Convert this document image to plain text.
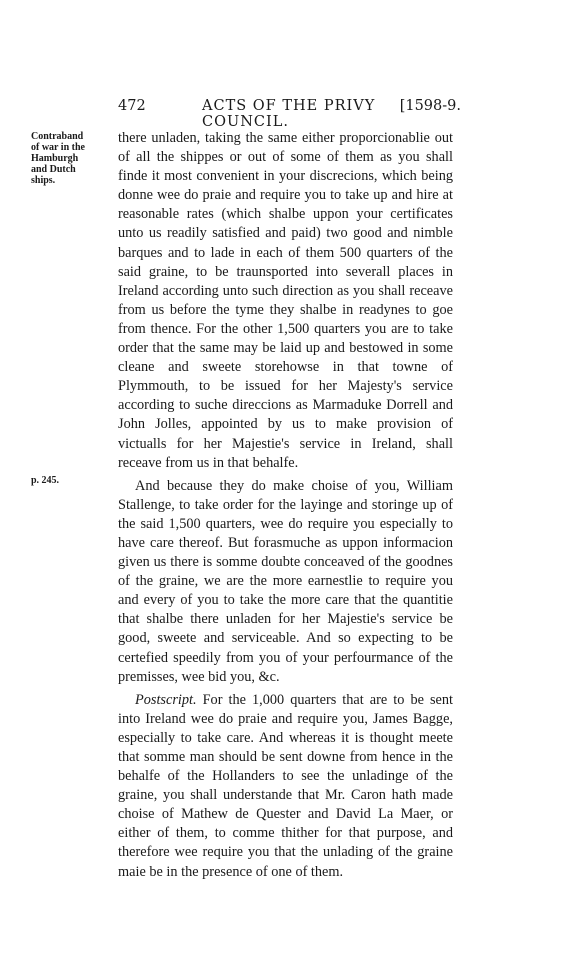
472	ACTS OF THE PRIVY COUNCIL.
[1598-9.
Contraband of war in the Hamburgh and Dutch ships.
p. 245.

there unladen, taking the same either proporcionablie out of all the shippes or out of some of them as you shall finde it most convenient in your discrecions, which being donne wee do praie and require you to take up and hire at reasonable rates (which shalbe uppon your certificates unto us readily satisfied and paid) two good and nimble barques and to lade in each of them 500 quarters of the said graine, to be traunsported into severall places in Ireland according unto such direction as you shall receave from us before the tyme they shalbe in readynes to goe from thence. For the other 1,500 quarters you are to take order that the same may be laid up and bestowed in some cleane and sweete storehowse in that towne of Plymmouth, to be issued for her Majesty's service according to suche direccions as Marmaduke Dorrell and John Jolles, appointed by us to make provision of victualls for her Majestie's service in Ireland, shall receave from us in that behalfe.

And because they do make choise of you, William Stallenge, to take order for the layinge and storinge up of the said 1,500 quarters, wee do require you especially to have care thereof. But forasmuche as uppon informacion given us there is somme doubte conceaved of the goodnes of the graine, we are the more earnestlie to require you and every of you to take the more care that the quantitie that shalbe there unladen for her Majestie's service be good, sweete and serviceable. And so expecting to be certefied speedily from you of your perfourmance of the premisses, wee bid you, &c.

Postscript. For the 1,000 quarters that are to be sent into Ireland wee do praie and require you, James Bagge, especially to take care. And whereas it is thought meete that somme man should be sent downe from hence in the behalfe of the Hollanders to see the unladinge of the graine, you shall understande that Mr. Caron hath made choise of Mathew de Quester and David La Maer, or either of them, to comme thither for that purpose, and therefore wee require you that the unlading of the graine maie be in the presence of one of them.
